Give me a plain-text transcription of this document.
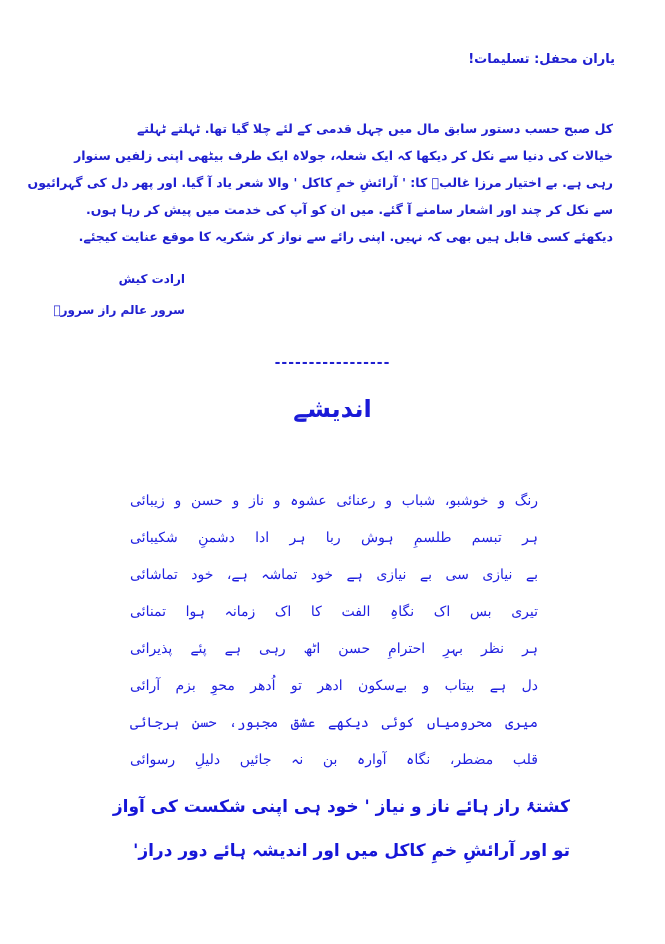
یاران محفل: تسلیمات!
کل صبح حسب دستور سابق مال میں چہل قدمی کے لئے چلا گیا تھا. ٹہلتے ٹہلتے
خیالات کی دنیا سے نکل کر دیکھا کہ ایک شعلہ، جولاہ ایک طرف بیٹھی اپنی زلفیں سنوار
رہی ہے. بے اختیار مرزا غالبؔ کا: ' آرائشِ خمِ کاکل ' والا شعر یاد آ گیا. اور پھر دل کی گہرائیوں
سے نکل کر چند اور اشعار سامنے آ گئے. میں ان کو آپ کی خدمت میں پیش کر رہا ہوں.
دیکھئے کسی قابل ہیں بھی کہ نہیں. اپنی رائے سے نواز کر شکریہ کا موقع عنایت کیجئے.
ارادت کیش
سرور عالم راز سرورؔ
-----------------
اندیشے
رنگ و خوشبو، شباب و رعنائی عشوہ و ناز و حسن و زیبائی
ہر تبسم طلسمِ ہوش ربا ہر ادا دشمنِ شکیبائی
بے نیازی سی بے نیازی ہے خود تماشہ ہے، خود تماشائی
تیری بس اک نگاہِ الفت کا اک زمانہ ہوا تمنائی
ہر نظر بہرِ احترامِ حسن اٹھ رہی ہے پئے پذیرائی
دل ہے بیتاب و بےسکون ادھر تو اُدھر محوِ بزم آرائی
میری محرومیاں کوئی دیکھے عشق مجبور، حسن ہرجائی
قلب مضطر، نگاہ آوارہ بن نہ جائیں دلیلِ رسوائی
کشتۂ راز ہائے ناز و نیاز ' خود ہی اپنی شکست کی آواز
تو اور آرائشِ خمِ کاکل میں اور اندیشہ ہائے دور دراز'
